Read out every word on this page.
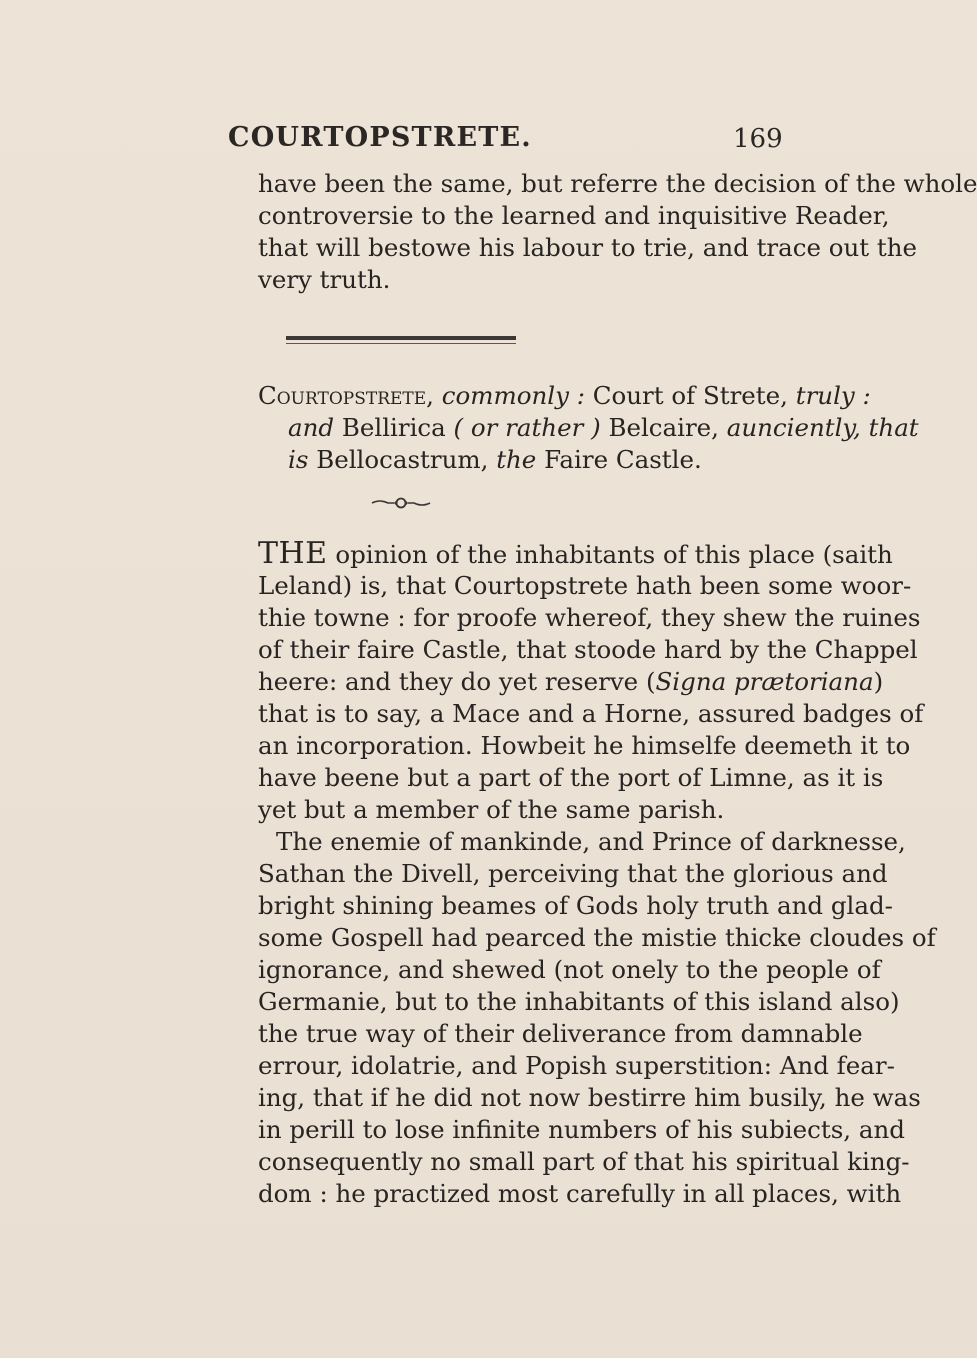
COURTOPSTRETE.	169
have been the same, but referre the decision of the whole
controversie to the learned and inquisitive Reader,
that will bestowe his labour to trie, and trace out the
very truth.
Courtopstrete, commonly : Court of Strete, truly :
and Bellirica ( or rather ) Belcaire, aunciently, that
is Bellocastrum, the Faire Castle.
THE opinion of the inhabitants of this place (saith
Leland) is, that Courtopstrete hath been some woor-
thie towne : for proofe whereof, they shew the ruines
of their faire Castle, that stoode hard by the Chappel
heere: and they do yet reserve (Signa prætoriana)
that is to say, a Mace and a Horne, assured badges of
an incorporation. Howbeit he himselfe deemeth it to
have beene but a part of the port of Limne, as it is
yet but a member of the same parish.
The enemie of mankinde, and Prince of darknesse,
Sathan the Divell, perceiving that the glorious and
bright shining beames of Gods holy truth and glad-
some Gospell had pearced the mistie thicke cloudes of
ignorance, and shewed (not onely to the people of
Germanie, but to the inhabitants of this island also)
the true way of their deliverance from damnable
errour, idolatrie, and Popish superstition: And fear-
ing, that if he did not now bestirre him busily, he was
in perill to lose infinite numbers of his subiects, and
consequently no small part of that his spiritual king-
dom : he practized most carefully in all places, with
